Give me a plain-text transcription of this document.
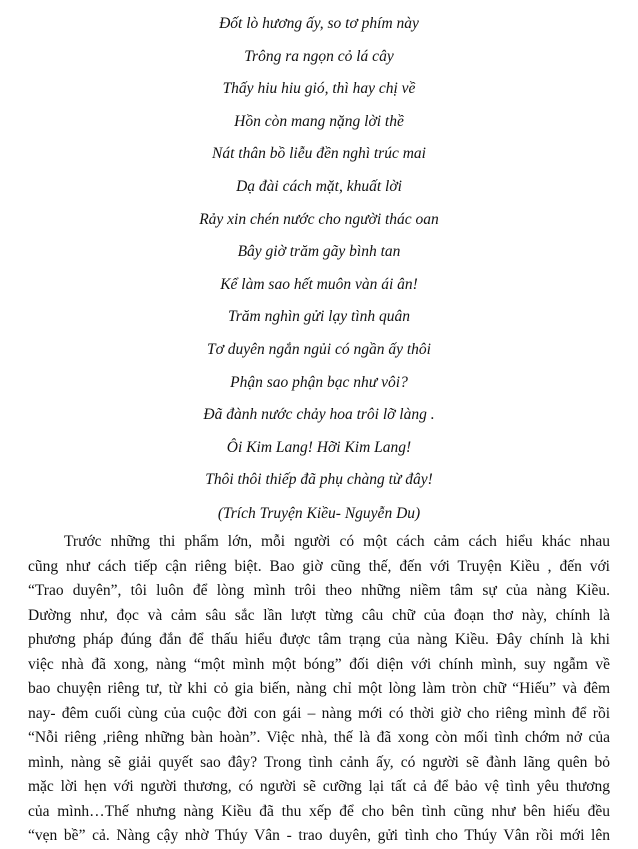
Đốt lò hương ấy, so tơ phím này
Trông ra ngọn cỏ lá cây
Thấy hiu hiu gió, thì hay chị về
Hồn còn mang nặng lời thề
Nát thân bồ liễu đền nghì trúc mai
Dạ đài cách mặt, khuất lời
Rảy xin chén nước cho người thác oan
Bây giờ trăm gãy bình tan
Kể làm sao hết muôn vàn ái ân!
Trăm nghìn gửi lạy tình quân
Tơ duyên ngắn ngủi có ngần ấy thôi
Phận sao phận bạc như vôi?
Đã đành nước chảy hoa trôi lỡ làng .
Ôi Kim Lang! Hỡi Kim Lang!
Thôi thôi thiếp đã phụ chàng từ đây!
(Trích Truyện Kiều- Nguyễn Du)
Trước những thi phẩm lớn, mỗi người có một cách cảm cách hiểu khác nhau
cũng như cách tiếp cận riêng biệt. Bao giờ cũng thế, đến với Truyện Kiều , đến với
“Trao duyên”, tôi luôn để lòng mình trôi theo những niềm tâm sự của nàng Kiều.
Dường như, đọc và cảm sâu sắc lần lượt từng câu chữ của đoạn thơ này, chính là
phương pháp đúng đắn để thấu hiểu được tâm trạng của nàng Kiều. Đây chính là khi
việc nhà đã xong, nàng “một mình một bóng” đối diện với chính mình, suy ngẫm về
bao chuyện riêng tư, từ khi cỏ gia biến, nàng chỉ một lòng làm tròn chữ “Hiếu” và đêm
nay- đêm cuối cùng của cuộc đời con gái – nàng mới có thời giờ cho riêng mình để rồi
“Nỗi riêng ,riêng những bàn hoàn”. Việc nhà, thế là đã xong còn mối tình chớm nở của
mình, nàng sẽ giải quyết sao đây? Trong tình cảnh ấy, có người sẽ đành lãng quên bỏ
mặc lời hẹn với người thương, có người sẽ cưỡng lại tất cả để bảo vệ tình yêu thương
của mình…Thế nhưng nàng Kiều đã thu xếp để cho bên tình cũng như bên hiếu đều
“vẹn bề” cả. Nàng cậy nhờ Thúy Vân - trao duyên, gửi tình cho Thúy Vân rồi mới lên
